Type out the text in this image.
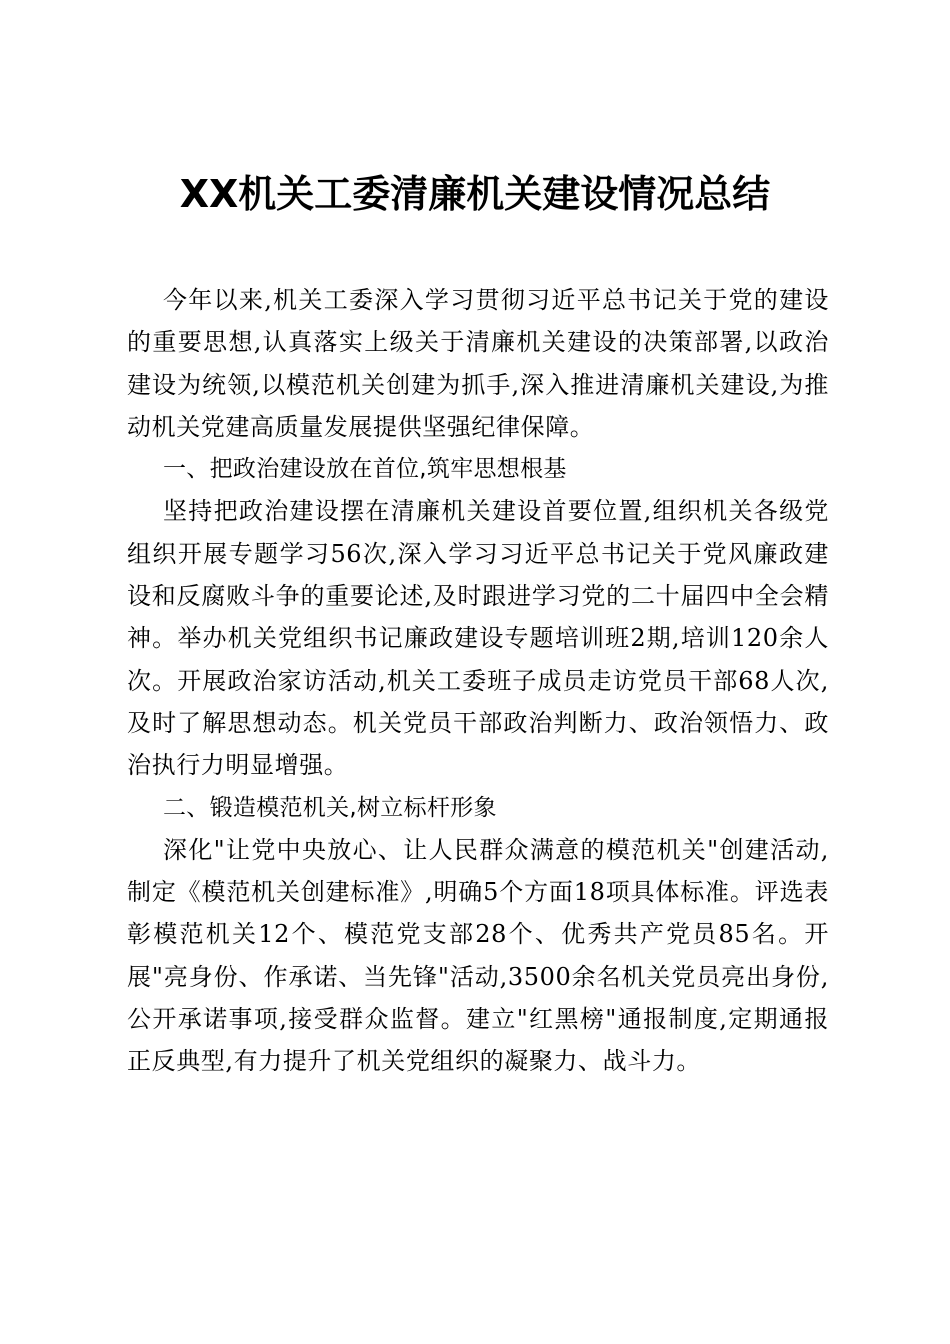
XX机关工委清廉机关建设情况总结

今年以来,机关工委深入学习贯彻习近平总书记关于党的建设的重要思想,认真落实上级关于清廉机关建设的决策部署,以政治建设为统领,以模范机关创建为抓手,深入推进清廉机关建设,为推动机关党建高质量发展提供坚强纪律保障。

一、把政治建设放在首位,筑牢思想根基

坚持把政治建设摆在清廉机关建设首要位置,组织机关各级党组织开展专题学习56次,深入学习习近平总书记关于党风廉政建设和反腐败斗争的重要论述,及时跟进学习党的二十届四中全会精神。举办机关党组织书记廉政建设专题培训班2期,培训120余人次。开展政治家访活动,机关工委班子成员走访党员干部68人次,及时了解思想动态。机关党员干部政治判断力、政治领悟力、政治执行力明显增强。

二、锻造模范机关,树立标杆形象

深化"让党中央放心、让人民群众满意的模范机关"创建活动,制定《模范机关创建标准》,明确5个方面18项具体标准。评选表彰模范机关12个、模范党支部28个、优秀共产党员85名。开展"亮身份、作承诺、当先锋"活动,3500余名机关党员亮出身份,公开承诺事项,接受群众监督。建立"红黑榜"通报制度,定期通报正反典型,有力提升了机关党组织的凝聚力、战斗力。
